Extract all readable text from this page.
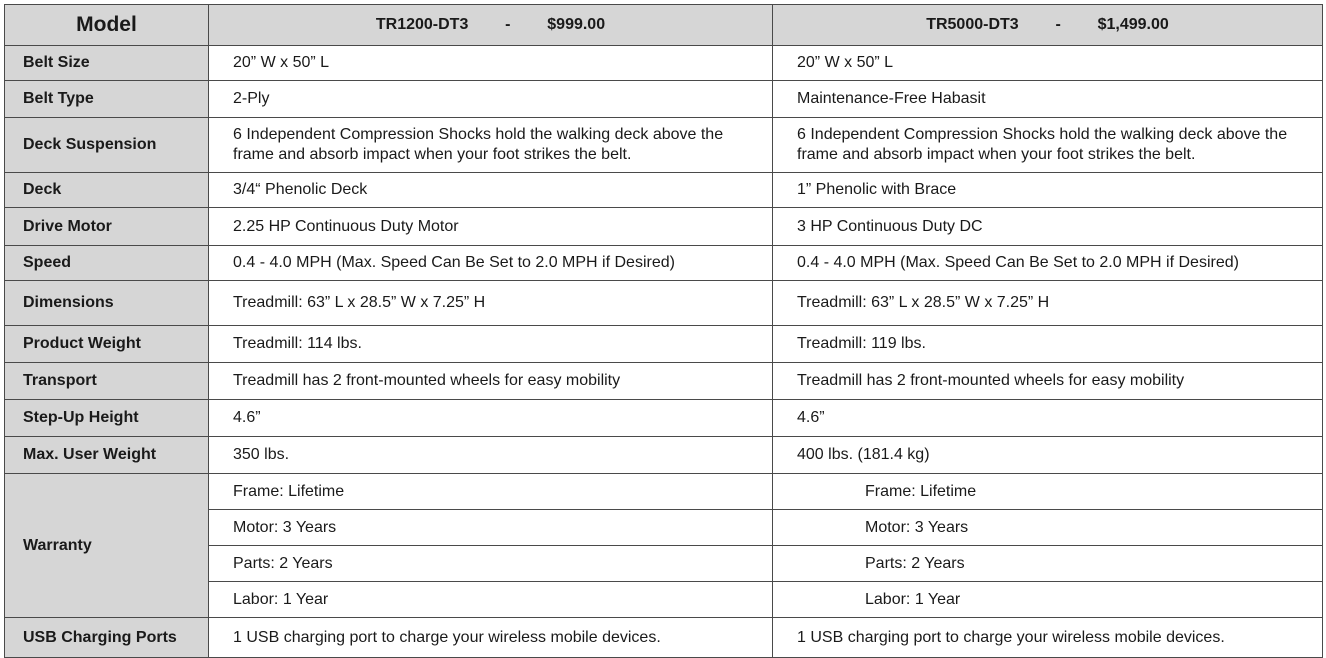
Model	TR1200-DT3 - $999.00	TR5000-DT3 - $1,499.00
Belt Size	20” W x 50” L	20” W x 50” L
Belt Type	2-Ply	Maintenance-Free Habasit
Deck Suspension	6 Independent Compression Shocks hold the walking deck above the frame and absorb impact when your foot strikes the belt.	6 Independent Compression Shocks hold the walking deck above the frame and absorb impact when your foot strikes the belt.
Deck	3/4“ Phenolic Deck	1” Phenolic with Brace
Drive Motor	2.25 HP Continuous Duty Motor	3 HP Continuous Duty DC
Speed	0.4 - 4.0 MPH (Max. Speed Can Be Set to 2.0 MPH if Desired)	0.4 - 4.0 MPH (Max. Speed Can Be Set to 2.0 MPH if Desired)
Dimensions	Treadmill: 63” L x 28.5” W x 7.25” H	Treadmill: 63” L x 28.5” W x 7.25” H
Product Weight	Treadmill: 114 lbs.	Treadmill: 119 lbs.
Transport	Treadmill has 2 front-mounted wheels for easy mobility	Treadmill has 2 front-mounted wheels for easy mobility
Step-Up Height	4.6”	4.6”
Max. User Weight	350 lbs.	400 lbs. (181.4 kg)
Warranty	Frame: Lifetime	Frame: Lifetime
	Motor: 3 Years	Motor: 3 Years
	Parts: 2 Years	Parts: 2 Years
	Labor: 1 Year	Labor: 1 Year
USB Charging Ports	1 USB charging port to charge your wireless mobile devices.	1 USB charging port to charge your wireless mobile devices.
